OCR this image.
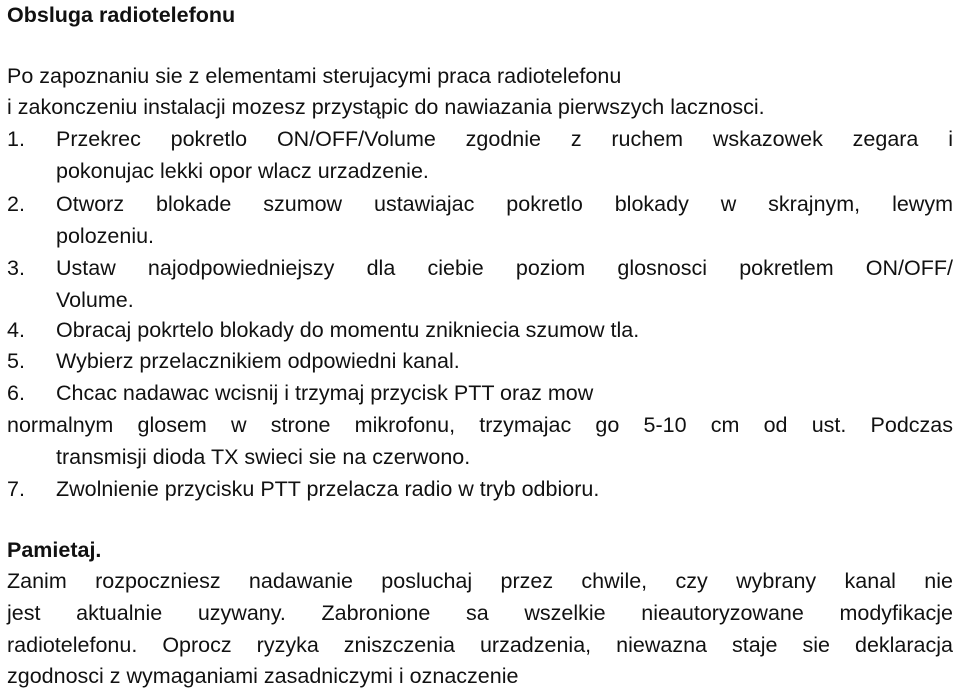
Obsluga radiotelefonu
Po zapoznaniu sie z elementami sterujacymi praca radiotelefonu
i zakonczeniu instalacji mozesz przystąpic do nawiazania pierwszych lacznosci.
1. Przekrec pokretlo ON/OFF/Volume zgodnie z ruchem wskazowek zegara i
pokonujac lekki opor wlacz urzadzenie.
2. Otworz blokade szumow ustawiajac pokretlo blokady w skrajnym, lewym
polozeniu.
3. Ustaw najodpowiedniejszy dla ciebie poziom glosnosci pokretlem ON/OFF/
Volume.
4. Obracaj pokrtelo blokady do momentu znikniecia szumow tla.
5. Wybierz przelacznikiem odpowiedni kanal.
6. Chcac nadawac wcisnij i trzymaj przycisk PTT oraz mow
normalnym glosem w strone mikrofonu, trzymajac go 5-10 cm od ust. Podczas
transmisji dioda TX swieci sie na czerwono.
7. Zwolnienie przycisku PTT przelacza radio w tryb odbioru.
Pamietaj.
Zanim rozpoczniesz nadawanie posluchaj przez chwile, czy wybrany kanal nie
jest aktualnie uzywany. Zabronione sa wszelkie nieautoryzowane modyfikacje
radiotelefonu. Oprocz ryzyka zniszczenia urzadzenia, niewazna staje sie deklaracja
zgodnosci z wymaganiami zasadniczymi i oznaczenie
